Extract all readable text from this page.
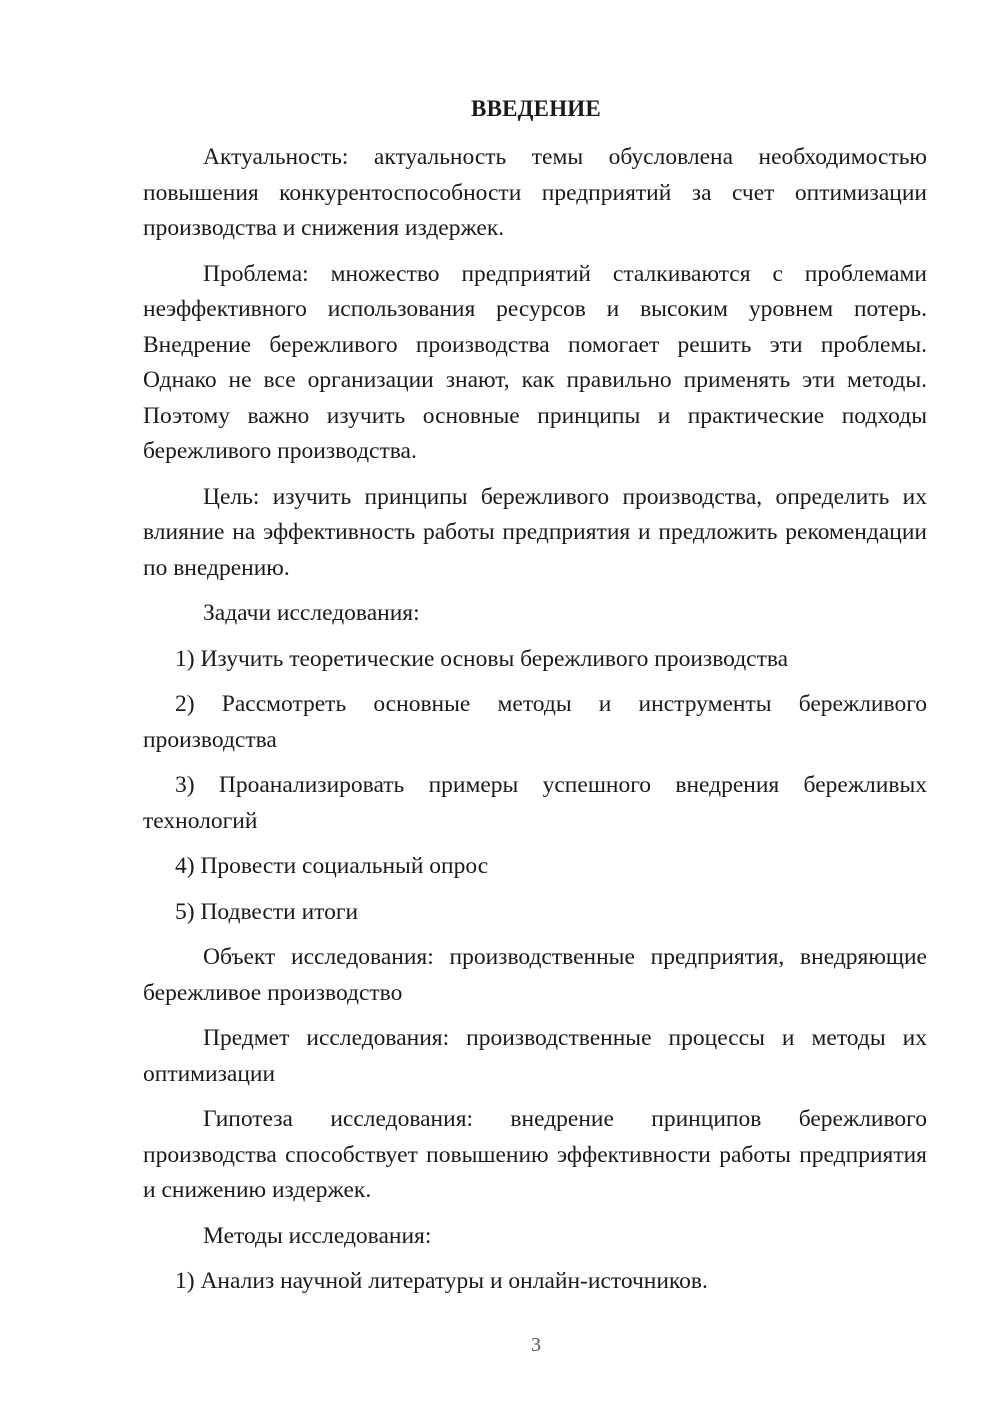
ВВЕДЕНИЕ

Актуальность: актуальность темы обусловлена необходимостью повышения конкурентоспособности предприятий за счет оптимизации производства и снижения издержек.

Проблема: множество предприятий сталкиваются с проблемами неэффективного использования ресурсов и высоким уровнем потерь. Внедрение бережливого производства помогает решить эти проблемы. Однако не все организации знают, как правильно применять эти методы. Поэтому важно изучить основные принципы и практические подходы бережливого производства.

Цель: изучить принципы бережливого производства, определить их влияние на эффективность работы предприятия и предложить рекомендации по внедрению.

Задачи исследования:

1) Изучить теоретические основы бережливого производства

2) Рассмотреть основные методы и инструменты бережливого производства

3) Проанализировать примеры успешного внедрения бережливых технологий

4) Провести социальный опрос

5) Подвести итоги

Объект исследования: производственные предприятия, внедряющие бережливое производство

Предмет исследования: производственные процессы и методы их оптимизации

Гипотеза исследования: внедрение принципов бережливого производства способствует повышению эффективности работы предприятия и снижению издержек.

Методы исследования:

1) Анализ научной литературы и онлайн-источников.

3
